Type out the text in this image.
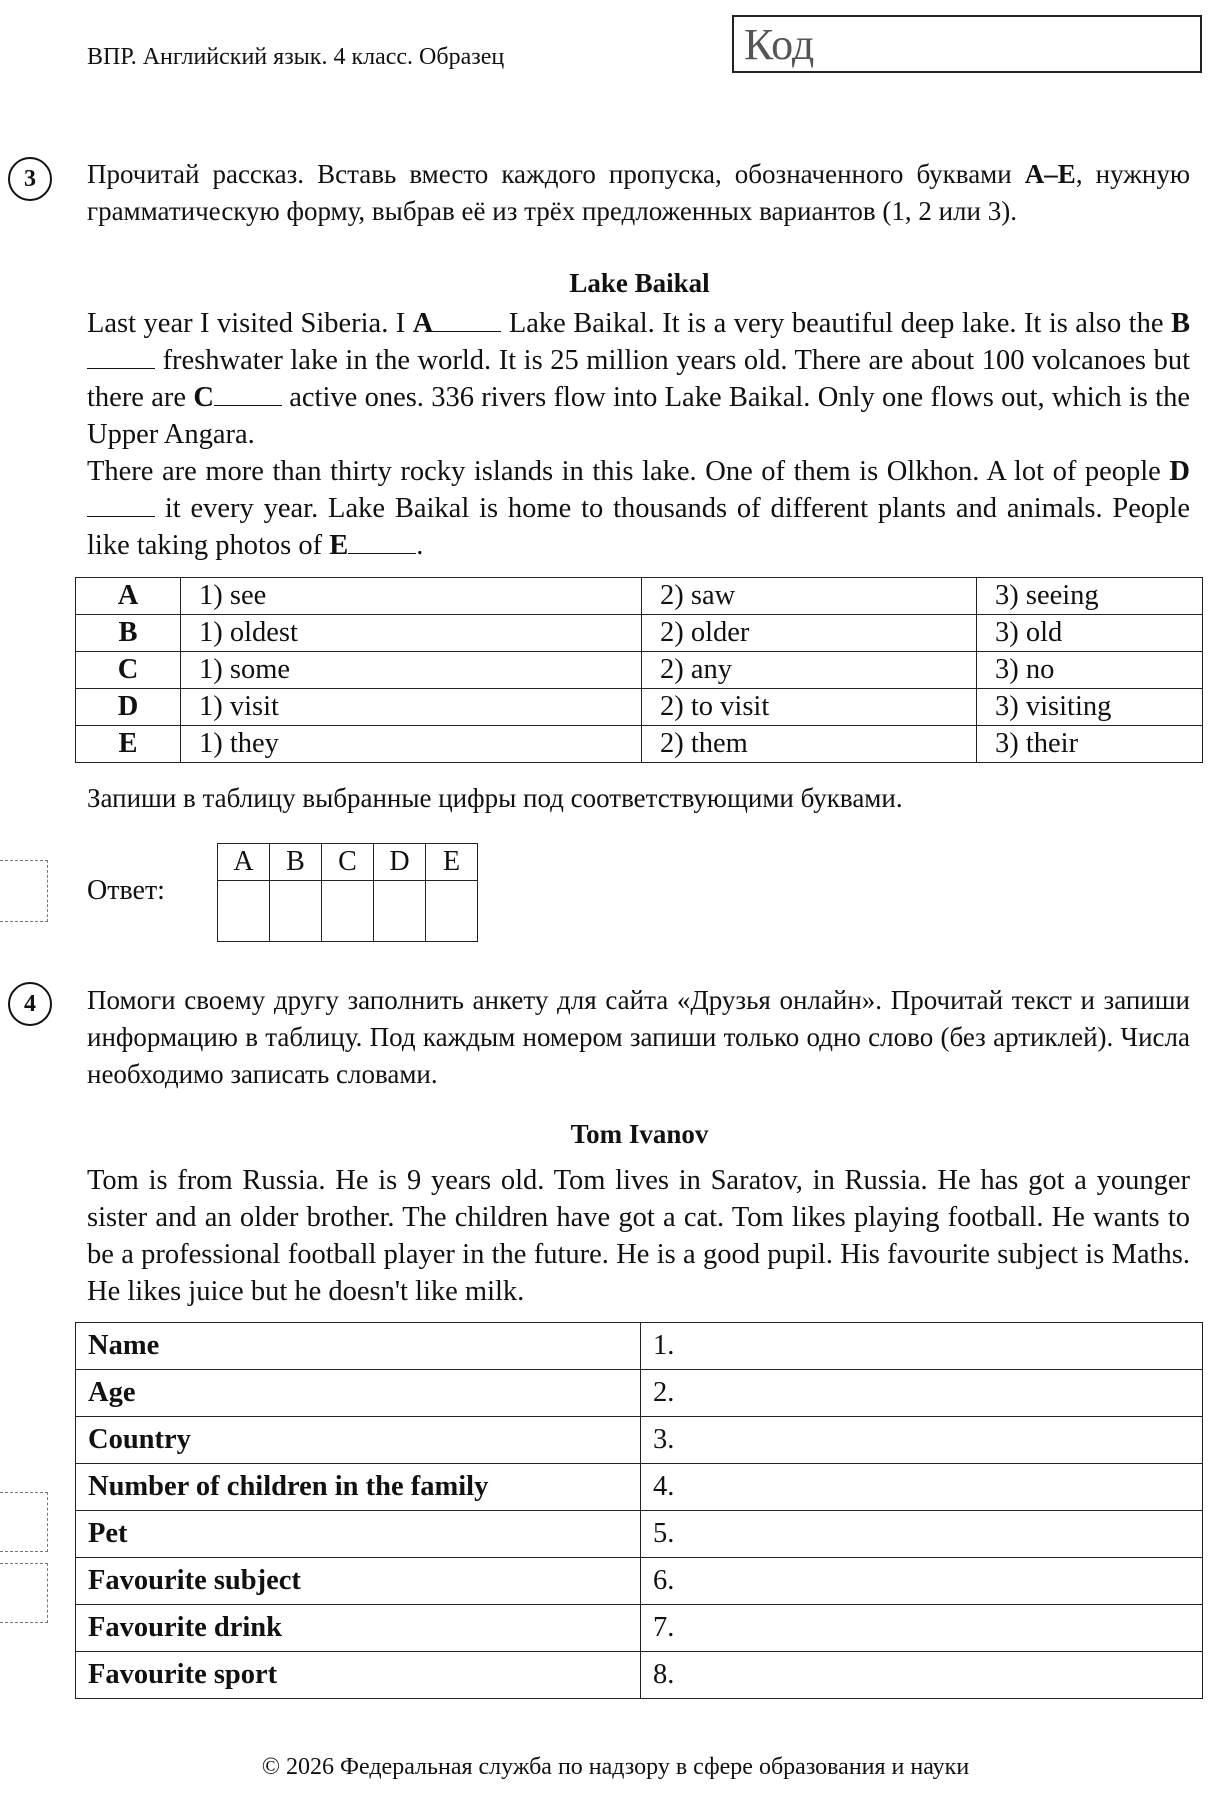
ВПР. Английский язык. 4 класс. Образец	Код
3	Прочитай рассказ. Вставь вместо каждого пропуска, обозначенного буквами A–E, нужную грамматическую форму, выбрав её из трёх предложенных вариантов (1, 2 или 3).
Lake Baikal

Last year I visited Siberia. I A Lake Baikal. It is a very beautiful deep lake. It is also the B freshwater lake in the world. It is 25 million years old. There are about 100 volcanoes but there are C active ones. 336 rivers flow into Lake Baikal. Only one flows out, which is the Upper Angara.

There are more than thirty rocky islands in this lake. One of them is Olkhon. A lot of people D it every year. Lake Baikal is home to thousands of different plants and animals. People like taking photos of E .

A	1) see	2) saw	3) seeing
B	1) oldest	2) older	3) old
C	1) some	2) any	3) no
D	1) visit	2) to visit	3) visiting
E	1) they	2) them	3) their
Запиши в таблицу выбранные цифры под соответствующими буквами.
Ответ:
A	B	C	D	E

4	Помоги своему другу заполнить анкету для сайта «Друзья онлайн». Прочитай текст и запиши информацию в таблицу. Под каждым номером запиши только одно слово (без артиклей). Числа необходимо записать словами.
Tom Ivanov
Tom is from Russia. He is 9 years old. Tom lives in Saratov, in Russia. He has got a younger sister and an older brother. The children have got a cat. Tom likes playing football. He wants to be a professional football player in the future. He is a good pupil. His favourite subject is Maths. He likes juice but he doesn't like milk.
Name	1.
Age	2.
Country	3.
Number of children in the family	4.
Pet	5.
Favourite subject	6.
Favourite drink	7.
Favourite sport	8.
© 2026 Федеральная служба по надзору в сфере образования и науки
